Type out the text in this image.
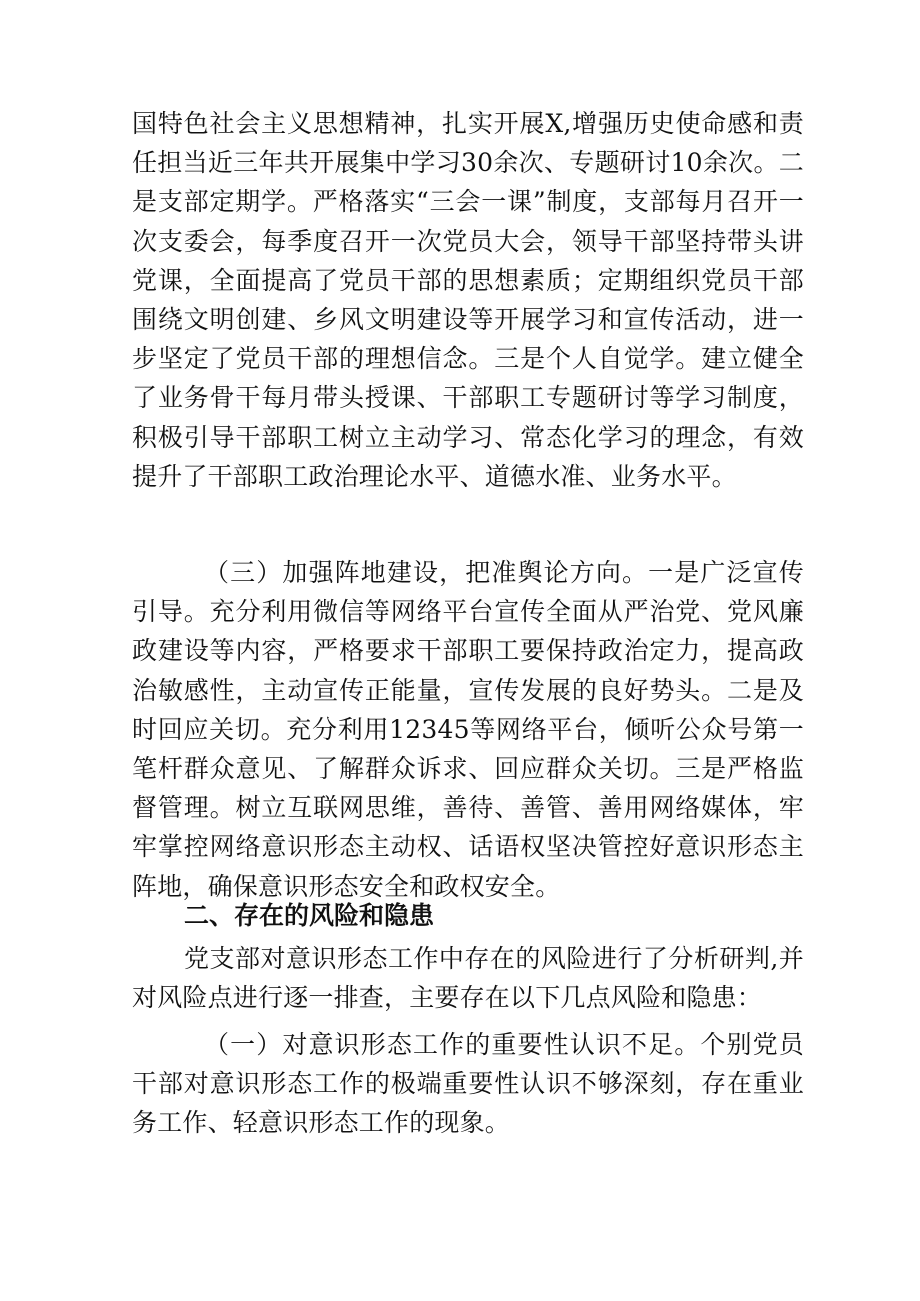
国特色社会主义思想精神，扎实开展X,增强历史使命感和责任担当近三年共开展集中学习30余次、专题研讨10余次。二是支部定期学。严格落实“三会一课”制度，支部每月召开一次支委会，每季度召开一次党员大会，领导干部坚持带头讲党课，全面提高了党员干部的思想素质；定期组织党员干部围绕文明创建、乡风文明建设等开展学习和宣传活动，进一步坚定了党员干部的理想信念。三是个人自觉学。建立健全了业务骨干每月带头授课、干部职工专题研讨等学习制度，积极引导干部职工树立主动学习、常态化学习的理念，有效提升了干部职工政治理论水平、道德水准、业务水平。

（三）加强阵地建设，把准舆论方向。一是广泛宣传引导。充分利用微信等网络平台宣传全面从严治党、党风廉政建设等内容，严格要求干部职工要保持政治定力，提高政治敏感性，主动宣传正能量，宣传发展的良好势头。二是及时回应关切。充分利用12345等网络平台，倾听公众号第一笔杆群众意见、了解群众诉求、回应群众关切。三是严格监督管理。树立互联网思维，善待、善管、善用网络媒体，牢牢掌控网络意识形态主动权、话语权坚决管控好意识形态主阵地，确保意识形态安全和政权安全。

二、存在的风险和隐患

党支部对意识形态工作中存在的风险进行了分析研判,并对风险点进行逐一排查，主要存在以下几点风险和隐患：

（一）对意识形态工作的重要性认识不足。个别党员干部对意识形态工作的极端重要性认识不够深刻，存在重业务工作、轻意识形态工作的现象。
